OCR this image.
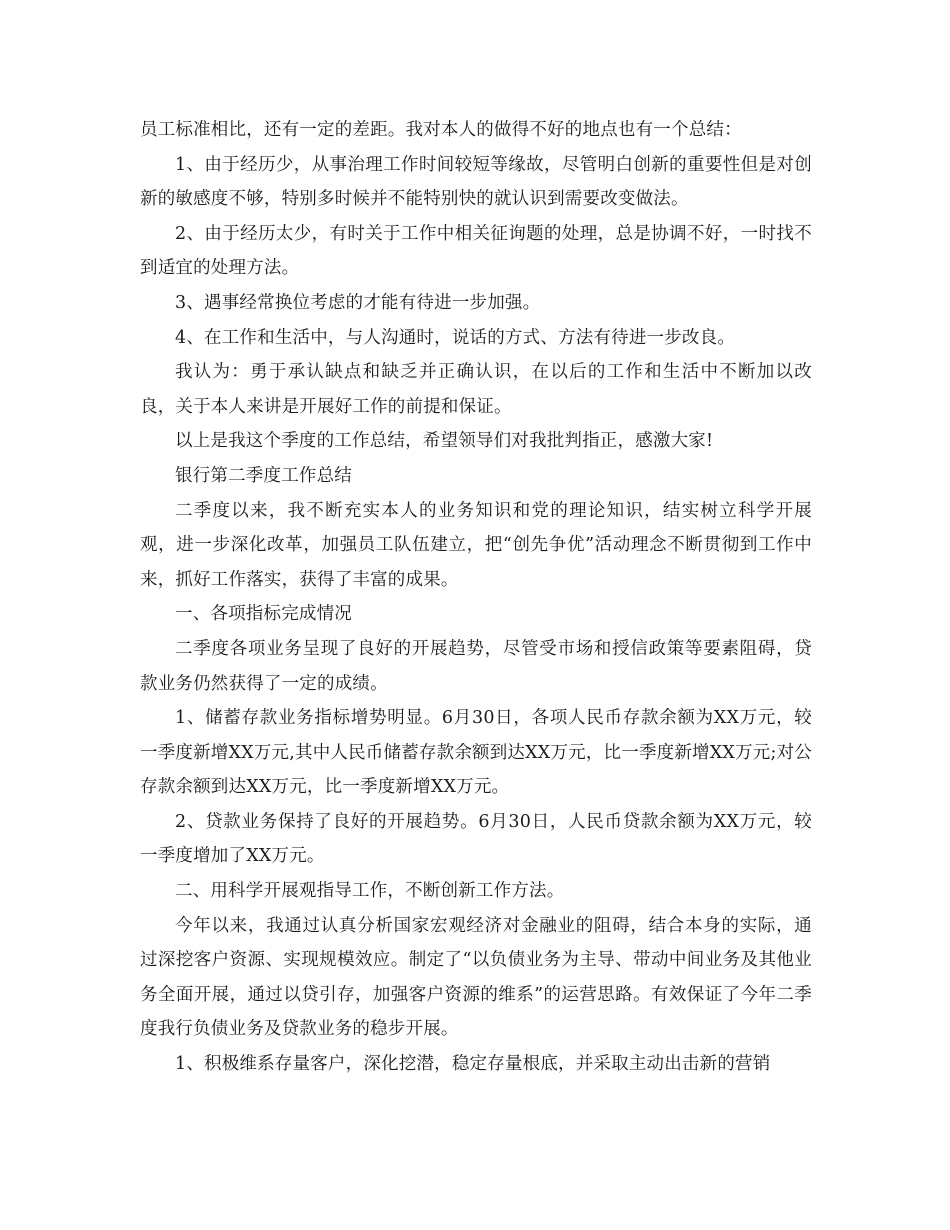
员工标准相比，还有一定的差距。我对本人的做得不好的地点也有一个总结：

1、由于经历少，从事治理工作时间较短等缘故，尽管明白创新的重要性但是对创新的敏感度不够，特别多时候并不能特别快的就认识到需要改变做法。

2、由于经历太少，有时关于工作中相关征询题的处理，总是协调不好，一时找不到适宜的处理方法。

3、遇事经常换位考虑的才能有待进一步加强。

4、在工作和生活中，与人沟通时，说话的方式、方法有待进一步改良。

我认为：勇于承认缺点和缺乏并正确认识，在以后的工作和生活中不断加以改良，关于本人来讲是开展好工作的前提和保证。

以上是我这个季度的工作总结，希望领导们对我批判指正，感激大家!

银行第二季度工作总结

二季度以来，我不断充实本人的业务知识和党的理论知识，结实树立科学开展观，进一步深化改革，加强员工队伍建立，把“创先争优”活动理念不断贯彻到工作中来，抓好工作落实，获得了丰富的成果。

一、各项指标完成情况

二季度各项业务呈现了良好的开展趋势，尽管受市场和授信政策等要素阻碍，贷款业务仍然获得了一定的成绩。

1、储蓄存款业务指标增势明显。6月30日，各项人民币存款余额为XX万元，较一季度新增XX万元,其中人民币储蓄存款余额到达XX万元，比一季度新增XX万元;对公存款余额到达XX万元，比一季度新增XX万元。

2、贷款业务保持了良好的开展趋势。6月30日，人民币贷款余额为XX万元，较一季度增加了XX万元。

二、用科学开展观指导工作，不断创新工作方法。

今年以来，我通过认真分析国家宏观经济对金融业的阻碍，结合本身的实际，通过深挖客户资源、实现规模效应。制定了“以负债业务为主导、带动中间业务及其他业务全面开展，通过以贷引存，加强客户资源的维系”的运营思路。有效保证了今年二季度我行负债业务及贷款业务的稳步开展。

1、积极维系存量客户，深化挖潜，稳定存量根底，并采取主动出击新的营销
